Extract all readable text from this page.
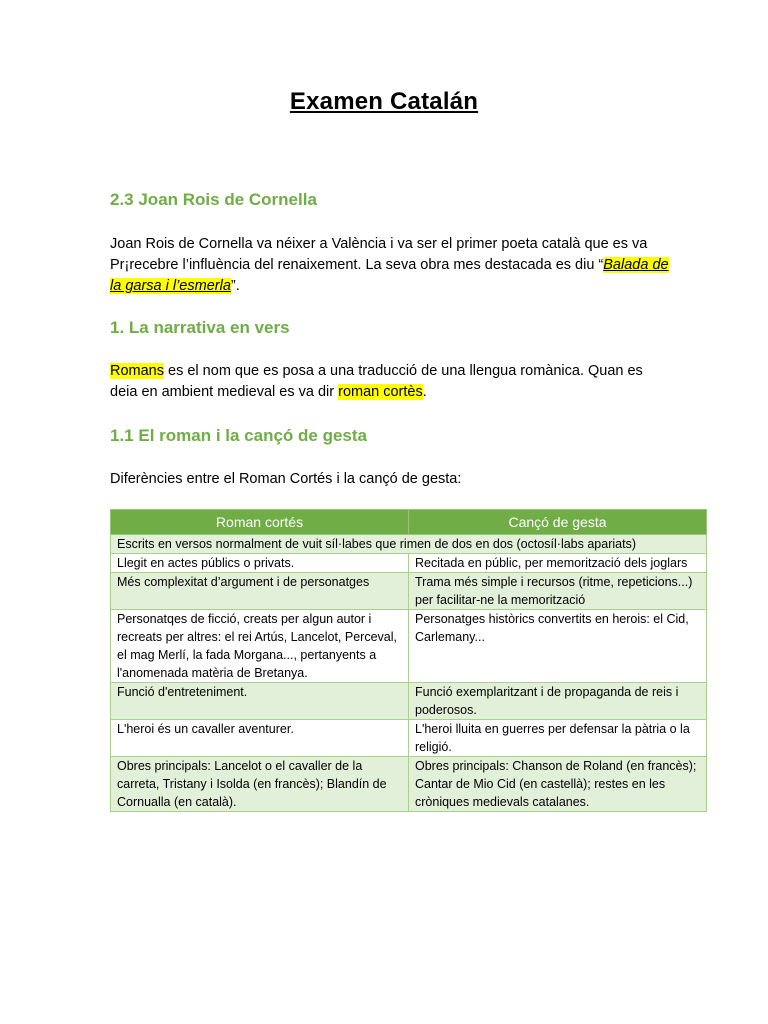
Examen Catalán
2.3 Joan Rois de Cornella
Joan Rois de Cornella va néixer a València i va ser el primer poeta català que es va Pr¡recebre l’influència del renaixement. La seva obra mes destacada es diu “Balada de la garsa i l’esmerla”.
1. La narrativa en vers
Romans es el nom que es posa a una traducció de una llengua romànica. Quan es deia en ambient medieval es va dir roman cortès.
1.1 El roman i la cançó de gesta
Diferències entre el Roman Cortés i la cançó de gesta:
Roman cortés	Cançó de gesta
Escrits en versos normalment de vuit síl·labes que rimen de dos en dos (octosíl·labs apariats)	
Llegit en actes públics o privats.	Recitada en públic, per memorització dels joglars
Més complexitat d’argument i de personatges	Trama més simple i recursos (ritme, repeticions...) per facilitar-ne la memorització
Personatqes de ficció, creats per algun autor i recreats per altres: el rei Artús, Lancelot, Perceval, el mag Merlí, la fada Morgana..., pertanyents a l'anomenada matèria de Bretanya.	Personatges històrics convertits en herois: el Cid, Carlemany...
Funció d'entreteniment.	Funció exemplaritzant i de propaganda de reis i poderosos.
L'heroi és un cavaller aventurer.	L'heroi lluita en guerres per defensar la pàtria o la religió.
Obres principals: Lancelot o el cavaller de la carreta, Tristany i Isolda (en francès); Blandín de Cornualla (en català).	Obres principals: Chanson de Roland (en francès); Cantar de Mio Cid (en castellà); restes en les cròniques medievals catalanes.
